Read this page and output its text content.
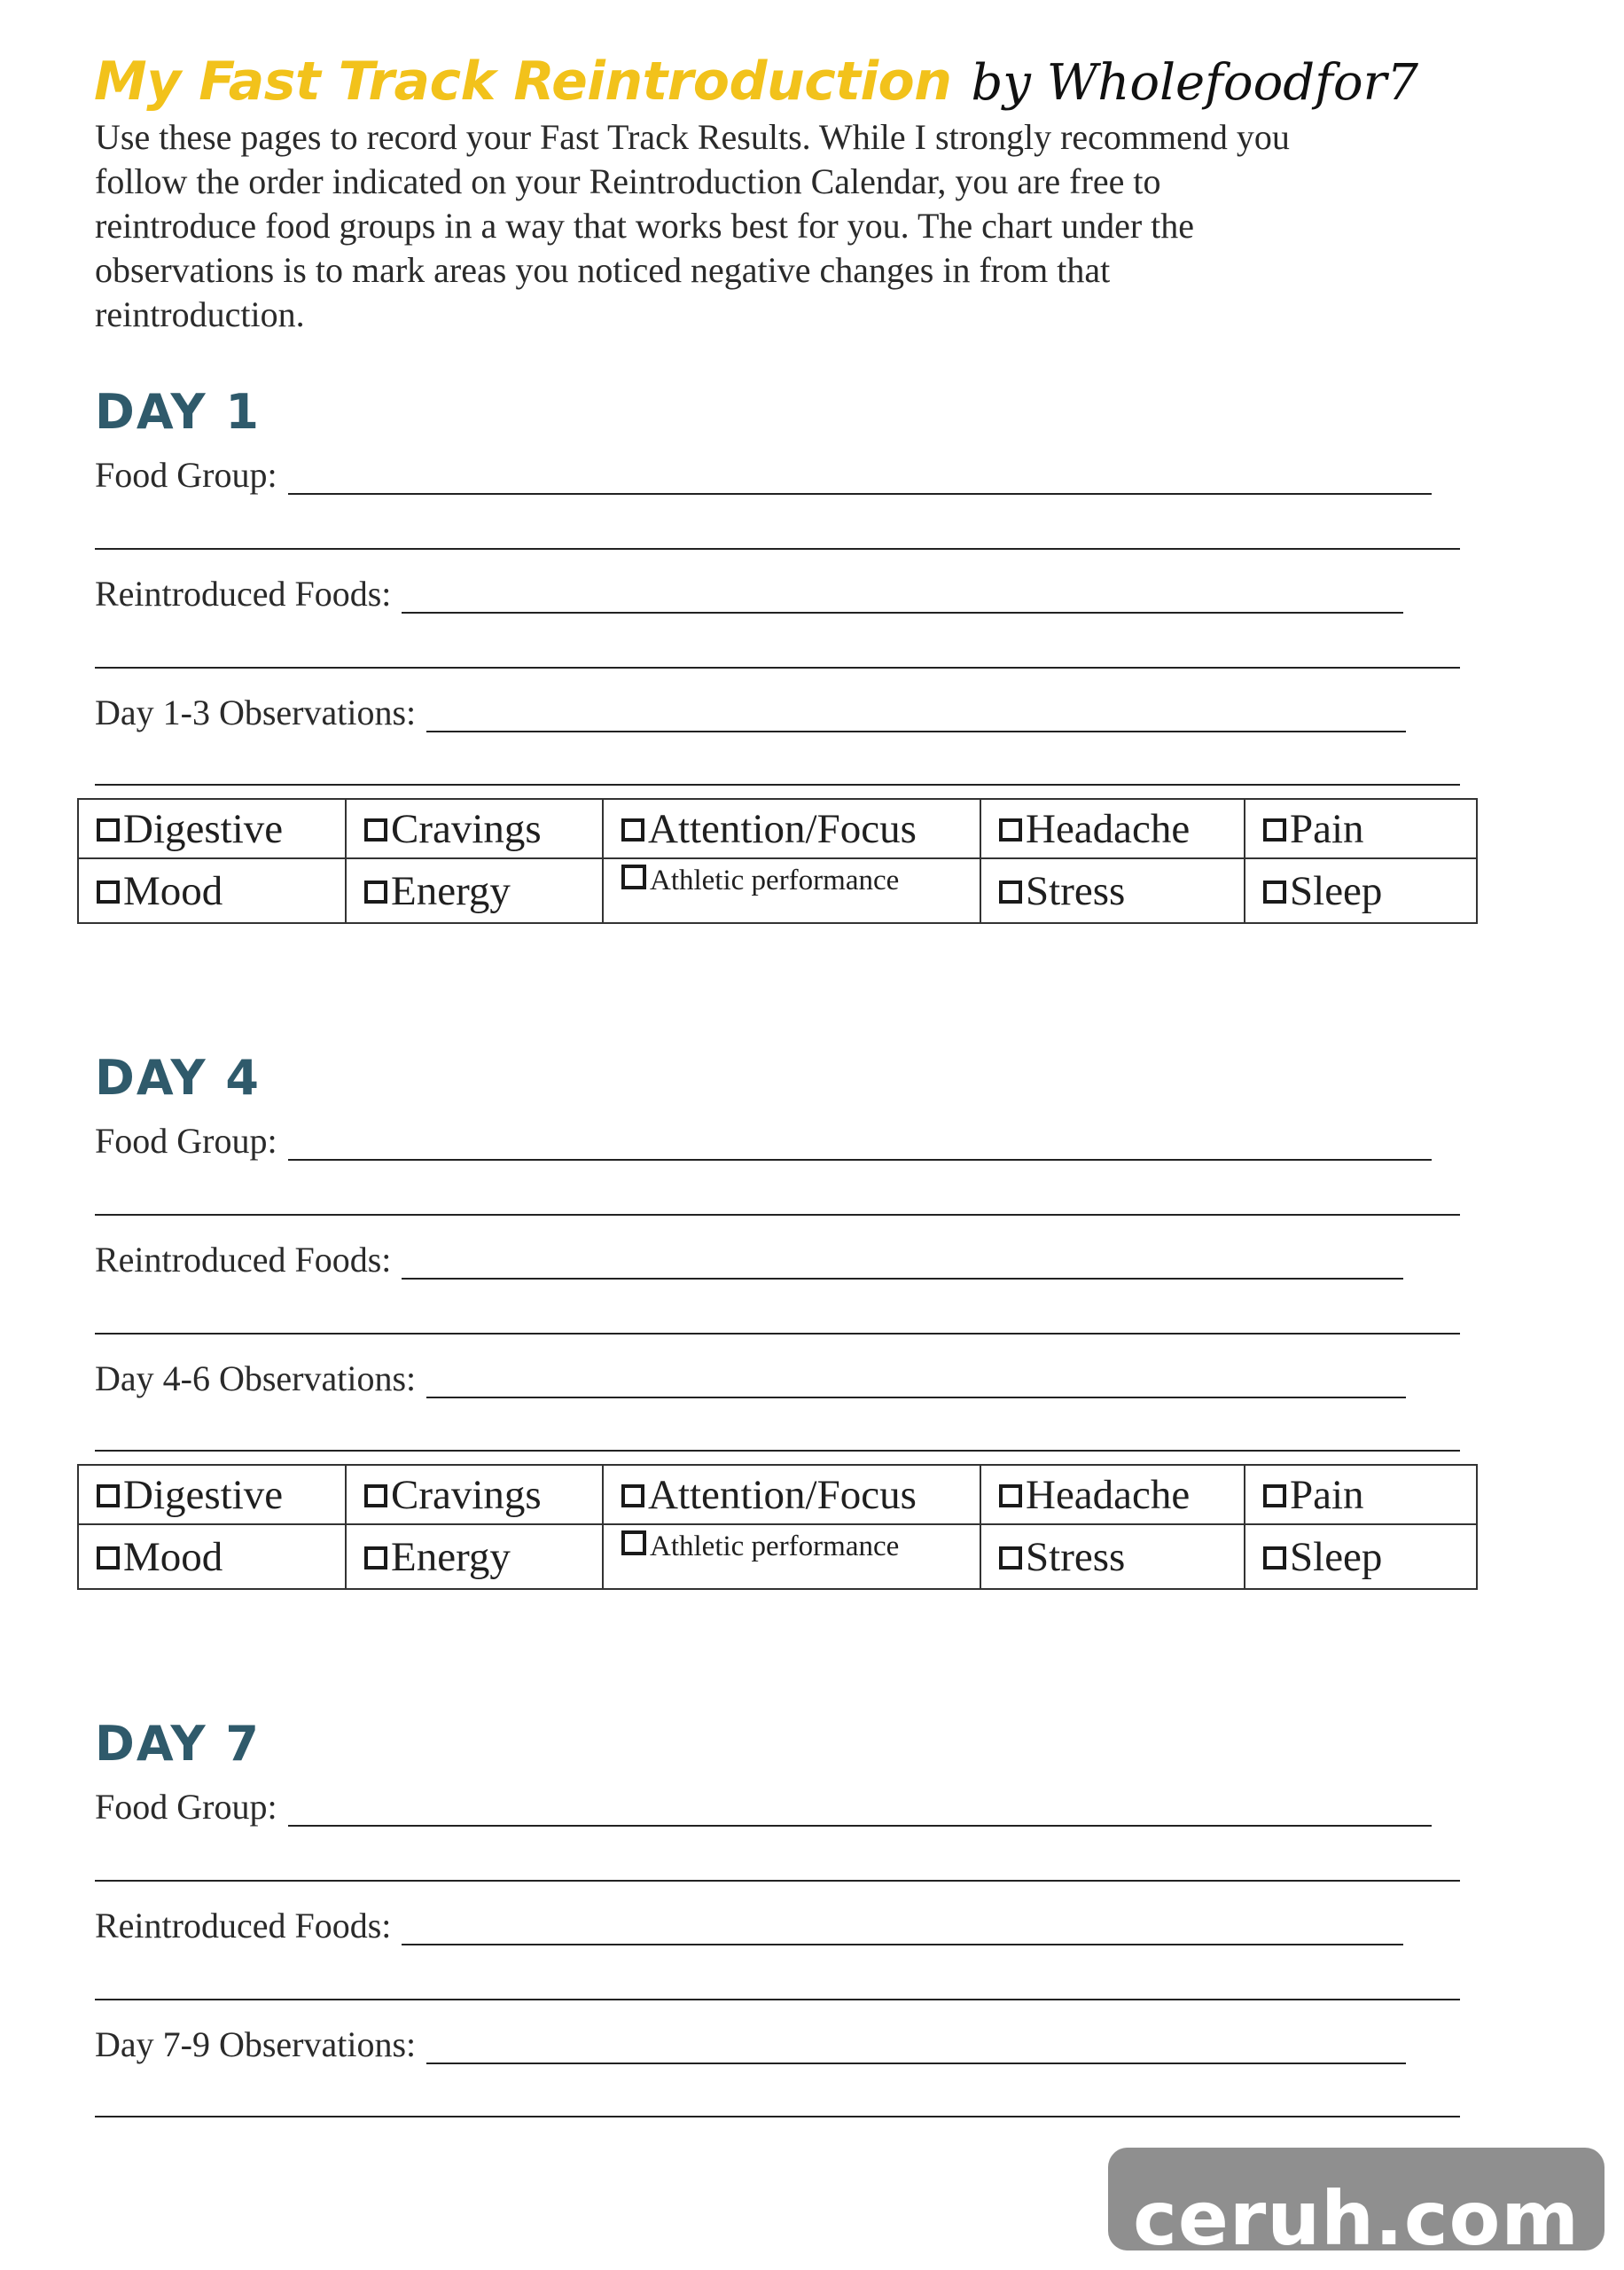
My Fast Track Reintroduction by Wholefoodfor7

Use these pages to record your Fast Track Results. While I strongly recommend you

follow the order indicated on your Reintroduction Calendar, you are free to

reintroduce food groups in a way that works best for you. The chart under the

observations is to mark areas you noticed negative changes in from that

reintroduction.

DAY 1
Food Group:
Reintroduced Foods:
Day 1-3 Observations:
Digestive	Cravings	Attention/Focus	Headache	Pain
Mood	Energy	Athletic performance	Stress	Sleep
DAY 4
Food Group:
Reintroduced Foods:
Day 4-6 Observations:
Digestive	Cravings	Attention/Focus	Headache	Pain
Mood	Energy	Athletic performance	Stress	Sleep
DAY 7
Food Group:
Reintroduced Foods:
Day 7-9 Observations:
ceruh.com
